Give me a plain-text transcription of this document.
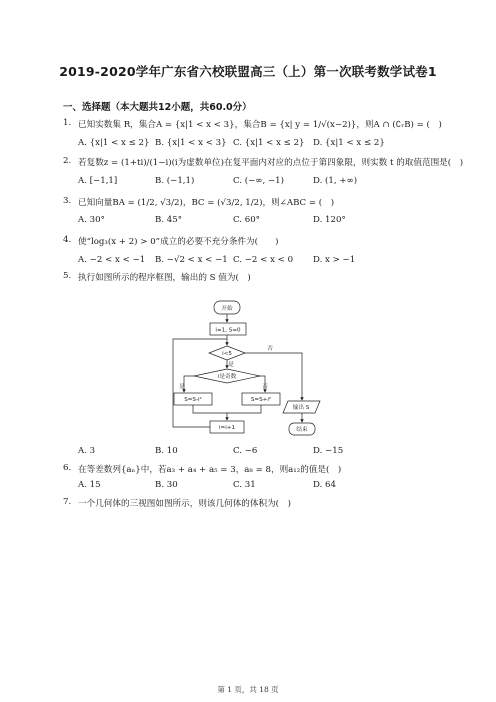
2019-2020学年广东省六校联盟高三（上）第一次联考数学试卷1
一、选择题（本大题共12小题，共60.0分）
1. 已知实数集 R，集合A = {x|1 < x < 3}，集合B = {x| y = 1/√(x−2)}，则A ∩ (∁ᵣB) = (　)
A. {x|1 < x ≤ 2} B. {x|1 < x < 3} C. {x|1 < x ≤ 2} D. {x|1 < x ≤ 2}
2. 若复数z = (1+ti)/(1−i)(i为虚数单位)在复平面内对应的点位于第四象限，则实数 t 的取值范围是(　)
A. [−1,1]	B. (−1,1)	C. (−∞, −1)	D. (1, +∞)
3. 已知向量BA = (1/2, √3/2)，BC = (√3/2, 1/2)，则∠ABC = (　)
A. 30°	B. 45°	C. 60°	D. 120°
4. 使“log₃(x + 2) > 0”成立的必要不充分条件为(　　)
A. −2 < x < −1 B. −√2 < x < −1 C. −2 < x < 0 D. x > −1
5. 执行如图所示的程序框图，输出的 S 值为(　)
开始
i=1, S=0
i<5
是
否
i是奇数
是	否
S=S-i²	S=S+i²
i=i+1
输出 S
结束
A. 3	B. 10	C. −6	D. −15
6. 在等差数列{aₙ}中，若a₃ + a₄ + a₅ = 3，a₈ = 8，则a₁₂的值是(　)
A. 15	B. 30	C. 31	D. 64
7. 一个几何体的三视图如图所示，则该几何体的体积为(　)
第 1 页，共 18 页
